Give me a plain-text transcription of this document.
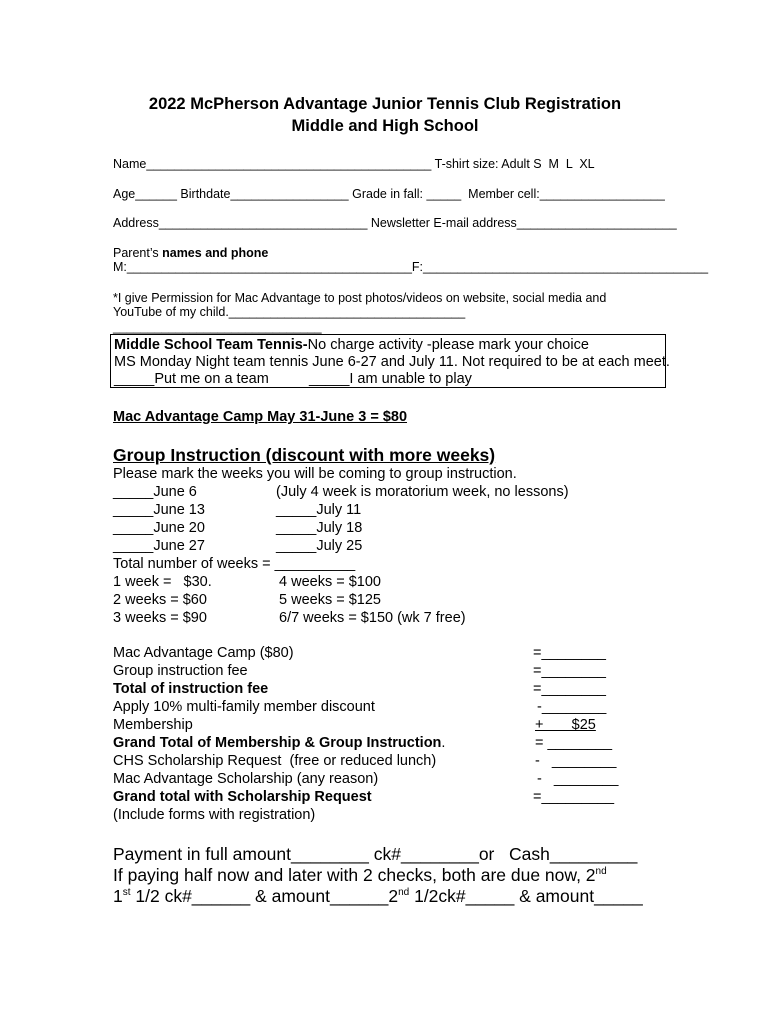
2022 McPherson Advantage Junior Tennis Club Registration
Middle and High School
Name_________________________________________ T-shirt size: Adult S  M  L  XL
Age______ Birthdate_________________ Grade in fall: _____  Member cell:__________________
Address______________________________ Newsletter E-mail address_______________________
Parent’s names and phone
M:_________________________________________F:_________________________________________
*I give Permission for Mac Advantage to post photos/videos on website, social media and
YouTube of my child.__________________________________
______________________________
Middle School Team Tennis-No charge activity -please mark your choice
MS Monday Night team tennis June 6-27 and July 11. Not required to be at each meet.
_____Put me on a team          _____I am unable to play
Mac Advantage Camp May 31-June 3 = $80
Group Instruction (discount with more weeks)
Please mark the weeks you will be coming to group instruction.
_____June 6
_____June 13
_____June 20
_____June 27
(July 4 week is moratorium week, no lessons)
_____July 11
_____July 18
_____July 25
Total number of weeks = __________
1 week =   $30.
2 weeks = $60
3 weeks = $90
4 weeks = $100
5 weeks = $125
6/7 weeks = $150 (wk 7 free)
Mac Advantage Camp ($80)
Group instruction fee
Total of instruction fee
Apply 10% multi-family member discount
Membership
Grand Total of Membership & Group Instruction.
CHS Scholarship Request  (free or reduced lunch)
Mac Advantage Scholarship (any reason)
Grand total with Scholarship Request
(Include forms with registration)
=________
=________
=________
-________
+       $25
= ________
-   ________
-   ________
=_________
Payment in full amount________ ck#________or   Cash_________
If paying half now and later with 2 checks, both are due now, 2nd
1st 1/2 ck#______ & amount______2nd 1/2ck#_____ & amount_____
